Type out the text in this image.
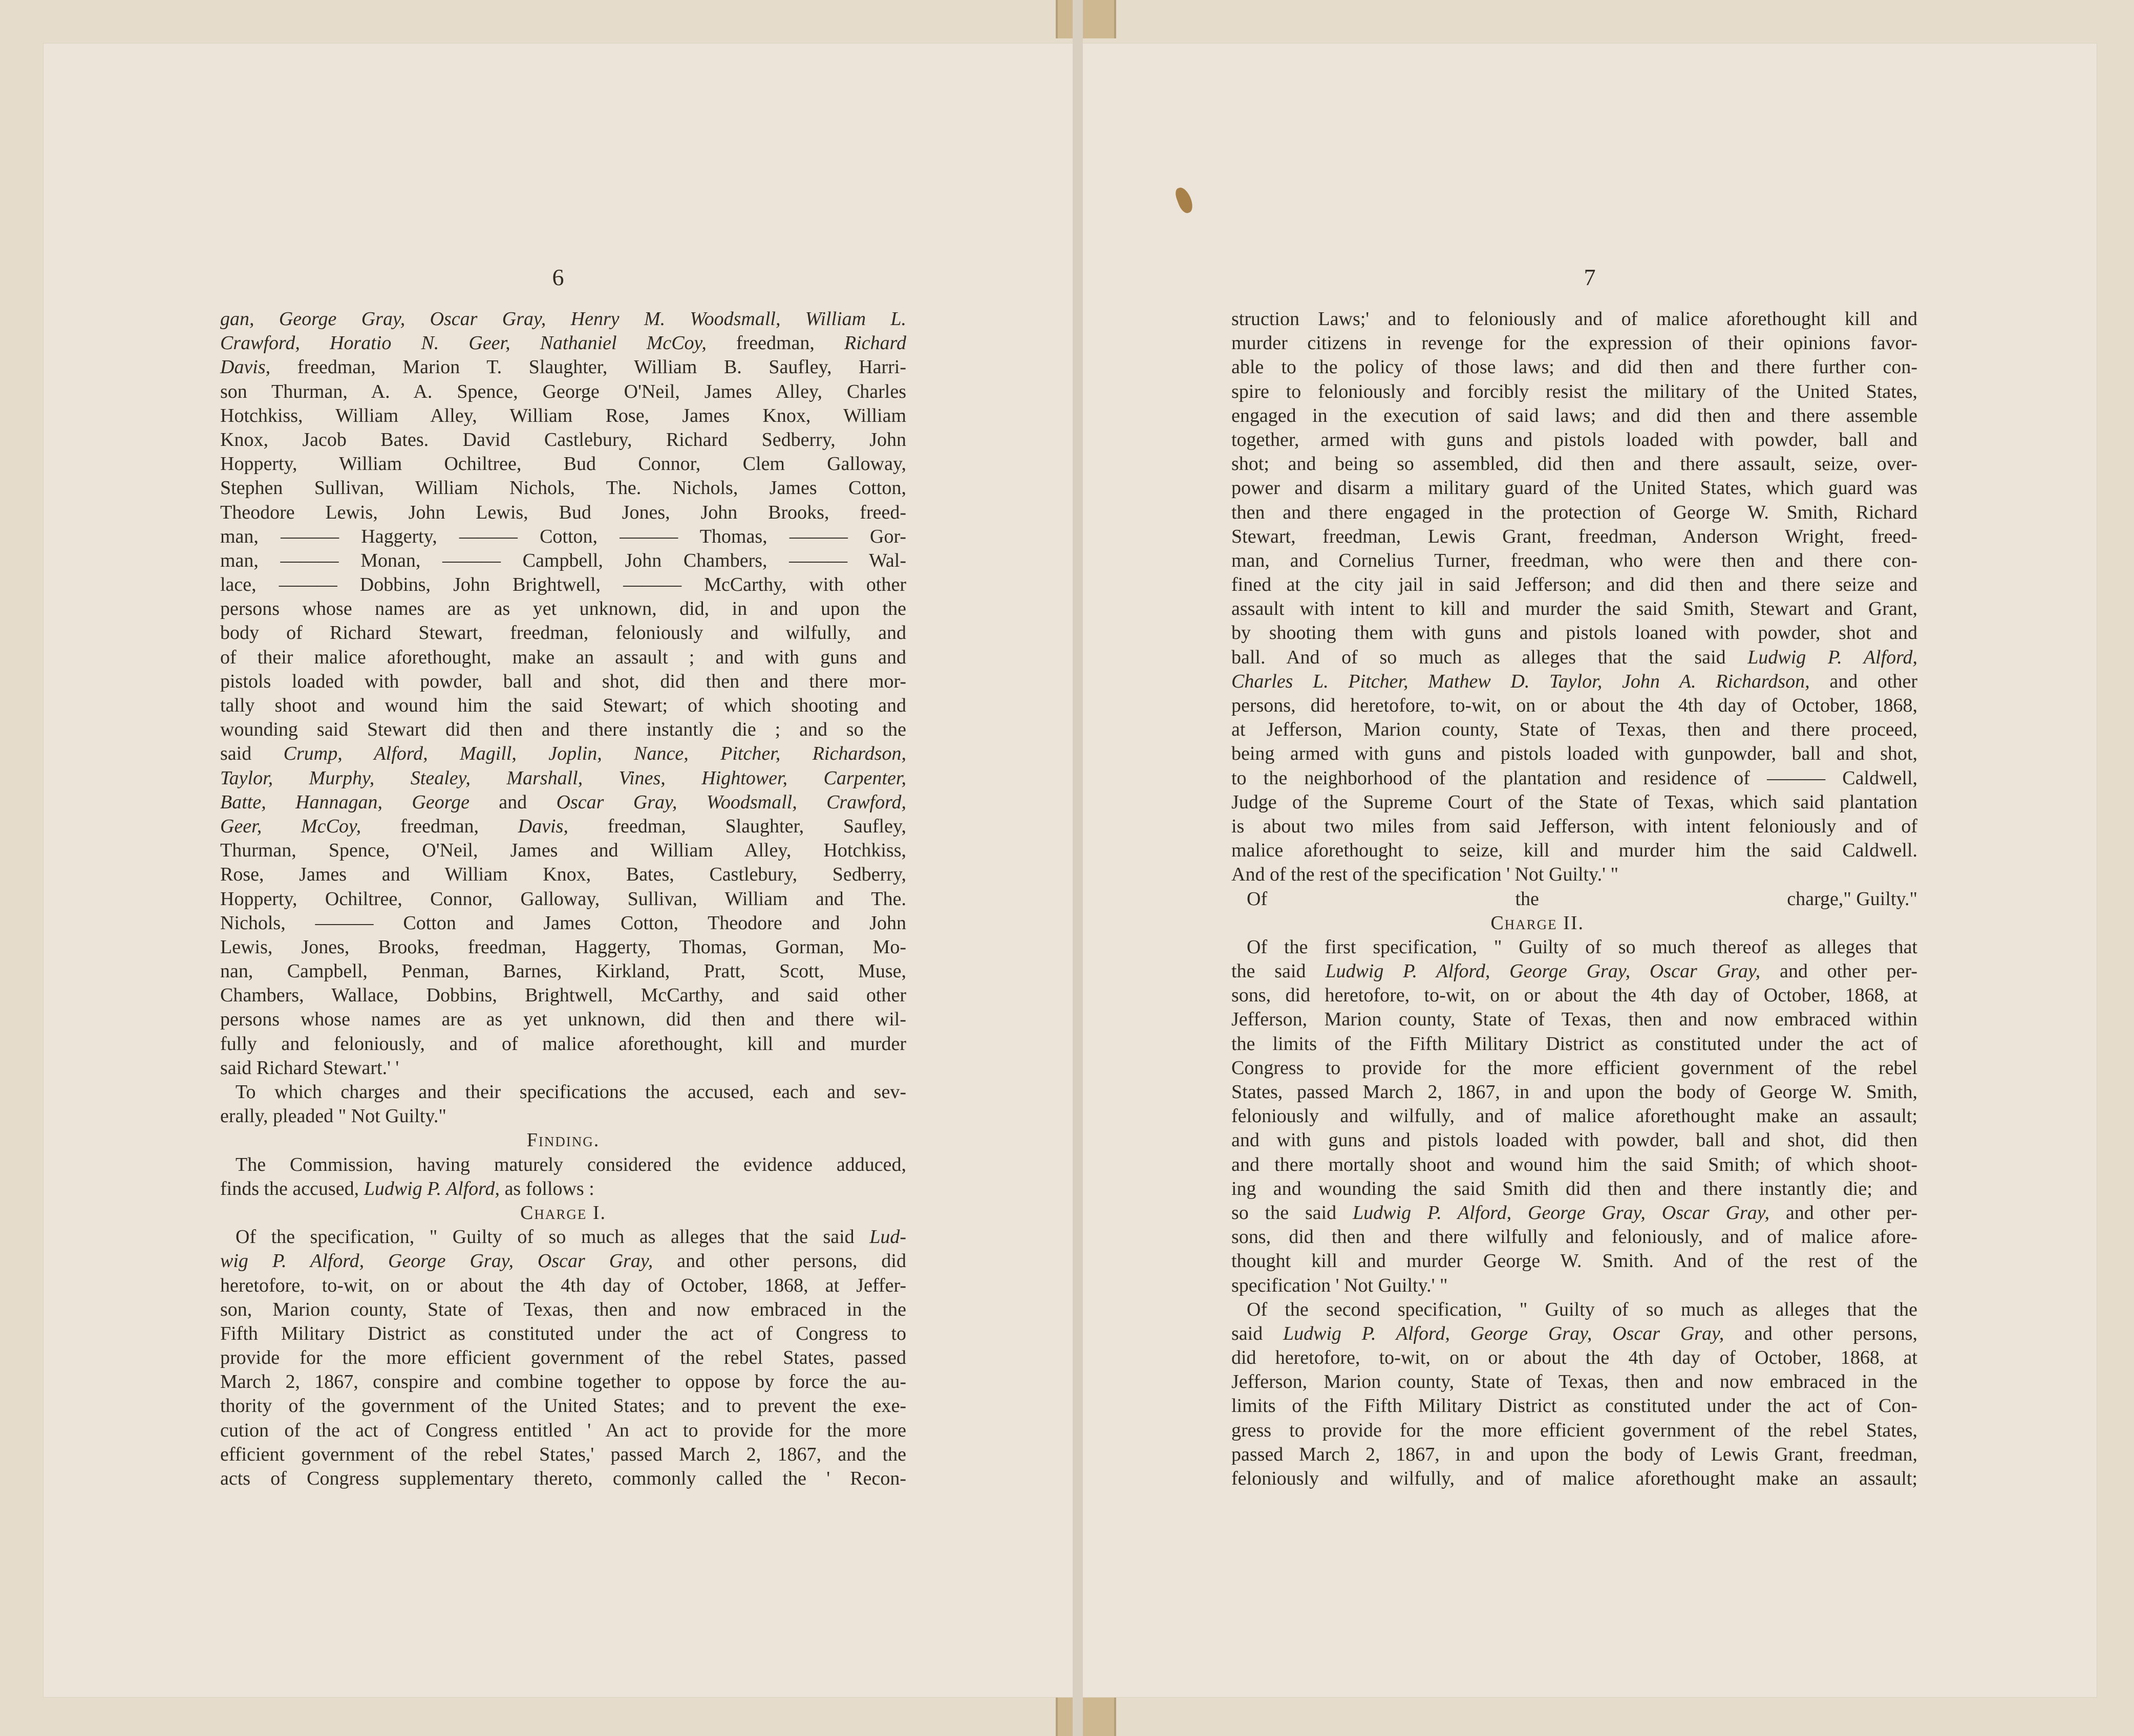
6
gan, George Gray, Oscar Gray, Henry M. Woodsmall, William L.
Crawford, Horatio N. Geer, Nathaniel McCoy, freedman, Richard
Davis, freedman, Marion T. Slaughter, William B. Saufley, Harri-
son Thurman, A. A. Spence, George O'Neil, James Alley, Charles
Hotchkiss, William Alley, William Rose, James Knox, William
Knox, Jacob Bates. David Castlebury, Richard Sedberry, John
Hopperty, William Ochiltree, Bud Connor, Clem Galloway,
Stephen Sullivan, William Nichols, The. Nichols, James Cotton,
Theodore Lewis, John Lewis, Bud Jones, John Brooks, freed-
man, ——— Haggerty, ——— Cotton, ——— Thomas, ——— Gor-
man, ——— Monan, ——— Campbell, John Chambers, ——— Wal-
lace, ——— Dobbins, John Brightwell, ——— McCarthy, with other
persons whose names are as yet unknown, did, in and upon the
body of Richard Stewart, freedman, feloniously and wilfully, and
of their malice aforethought, make an assault ; and with guns and
pistols loaded with powder, ball and shot, did then and there mor-
tally shoot and wound him the said Stewart; of which shooting and
wounding said Stewart did then and there instantly die ; and so the
said Crump, Alford, Magill, Joplin, Nance, Pitcher, Richardson,
Taylor, Murphy, Stealey, Marshall, Vines, Hightower, Carpenter,
Batte, Hannagan, George and Oscar Gray, Woodsmall, Crawford,
Geer, McCoy, freedman, Davis, freedman, Slaughter, Saufley,
Thurman, Spence, O'Neil, James and William Alley, Hotchkiss,
Rose, James and William Knox, Bates, Castlebury, Sedberry,
Hopperty, Ochiltree, Connor, Galloway, Sullivan, William and The.
Nichols, ——— Cotton and James Cotton, Theodore and John
Lewis, Jones, Brooks, freedman, Haggerty, Thomas, Gorman, Mo-
nan, Campbell, Penman, Barnes, Kirkland, Pratt, Scott, Muse,
Chambers, Wallace, Dobbins, Brightwell, McCarthy, and said other
persons whose names are as yet unknown, did then and there wil-
fully and feloniously, and of malice aforethought, kill and murder
said Richard Stewart.' '
To which charges and their specifications the accused, each and sev-
erally, pleaded " Not Guilty."
Finding.
The Commission, having maturely considered the evidence adduced,
finds the accused, Ludwig P. Alford, as follows :
Charge I.
Of the specification, " Guilty of so much as alleges that the said Lud-
wig P. Alford, George Gray, Oscar Gray, and other persons, did
heretofore, to-wit, on or about the 4th day of October, 1868, at Jeffer-
son, Marion county, State of Texas, then and now embraced in the
Fifth Military District as constituted under the act of Congress to
provide for the more efficient government of the rebel States, passed
March 2, 1867, conspire and combine together to oppose by force the au-
thority of the government of the United States; and to prevent the exe-
cution of the act of Congress entitled ' An act to provide for the more
efficient government of the rebel States,' passed March 2, 1867, and the
acts of Congress supplementary thereto, commonly called the ' Recon-
7
struction Laws;' and to feloniously and of malice aforethought kill and
murder citizens in revenge for the expression of their opinions favor-
able to the policy of those laws; and did then and there further con-
spire to feloniously and forcibly resist the military of the United States,
engaged in the execution of said laws; and did then and there assemble
together, armed with guns and pistols loaded with powder, ball and
shot; and being so assembled, did then and there assault, seize, over-
power and disarm a military guard of the United States, which guard was
then and there engaged in the protection of George W. Smith, Richard
Stewart, freedman, Lewis Grant, freedman, Anderson Wright, freed-
man, and Cornelius Turner, freedman, who were then and there con-
fined at the city jail in said Jefferson; and did then and there seize and
assault with intent to kill and murder the said Smith, Stewart and Grant,
by shooting them with guns and pistols loaned with powder, shot and
ball. And of so much as alleges that the said Ludwig P. Alford,
Charles L. Pitcher, Mathew D. Taylor, John A. Richardson, and other
persons, did heretofore, to-wit, on or about the 4th day of October, 1868,
at Jefferson, Marion county, State of Texas, then and there proceed,
being armed with guns and pistols loaded with gunpowder, ball and shot,
to the neighborhood of the plantation and residence of ——— Caldwell,
Judge of the Supreme Court of the State of Texas, which said plantation
is about two miles from said Jefferson, with intent feloniously and of
malice aforethought to seize, kill and murder him the said Caldwell.
And of the rest of the specification ' Not Guilty.' "
Of the charge, " Guilty."
Charge II.
Of the first specification, " Guilty of so much thereof as alleges that
the said Ludwig P. Alford, George Gray, Oscar Gray, and other per-
sons, did heretofore, to-wit, on or about the 4th day of October, 1868, at
Jefferson, Marion county, State of Texas, then and now embraced within
the limits of the Fifth Military District as constituted under the act of
Congress to provide for the more efficient government of the rebel
States, passed March 2, 1867, in and upon the body of George W. Smith,
feloniously and wilfully, and of malice aforethought make an assault;
and with guns and pistols loaded with powder, ball and shot, did then
and there mortally shoot and wound him the said Smith; of which shoot-
ing and wounding the said Smith did then and there instantly die; and
so the said Ludwig P. Alford, George Gray, Oscar Gray, and other per-
sons, did then and there wilfully and feloniously, and of malice afore-
thought kill and murder George W. Smith. And of the rest of the
specification ' Not Guilty.' "
Of the second specification, " Guilty of so much as alleges that the
said Ludwig P. Alford, George Gray, Oscar Gray, and other persons,
did heretofore, to-wit, on or about the 4th day of October, 1868, at
Jefferson, Marion county, State of Texas, then and now embraced in the
limits of the Fifth Military District as constituted under the act of Con-
gress to provide for the more efficient government of the rebel States,
passed March 2, 1867, in and upon the body of Lewis Grant, freedman,
feloniously and wilfully, and of malice aforethought make an assault;
